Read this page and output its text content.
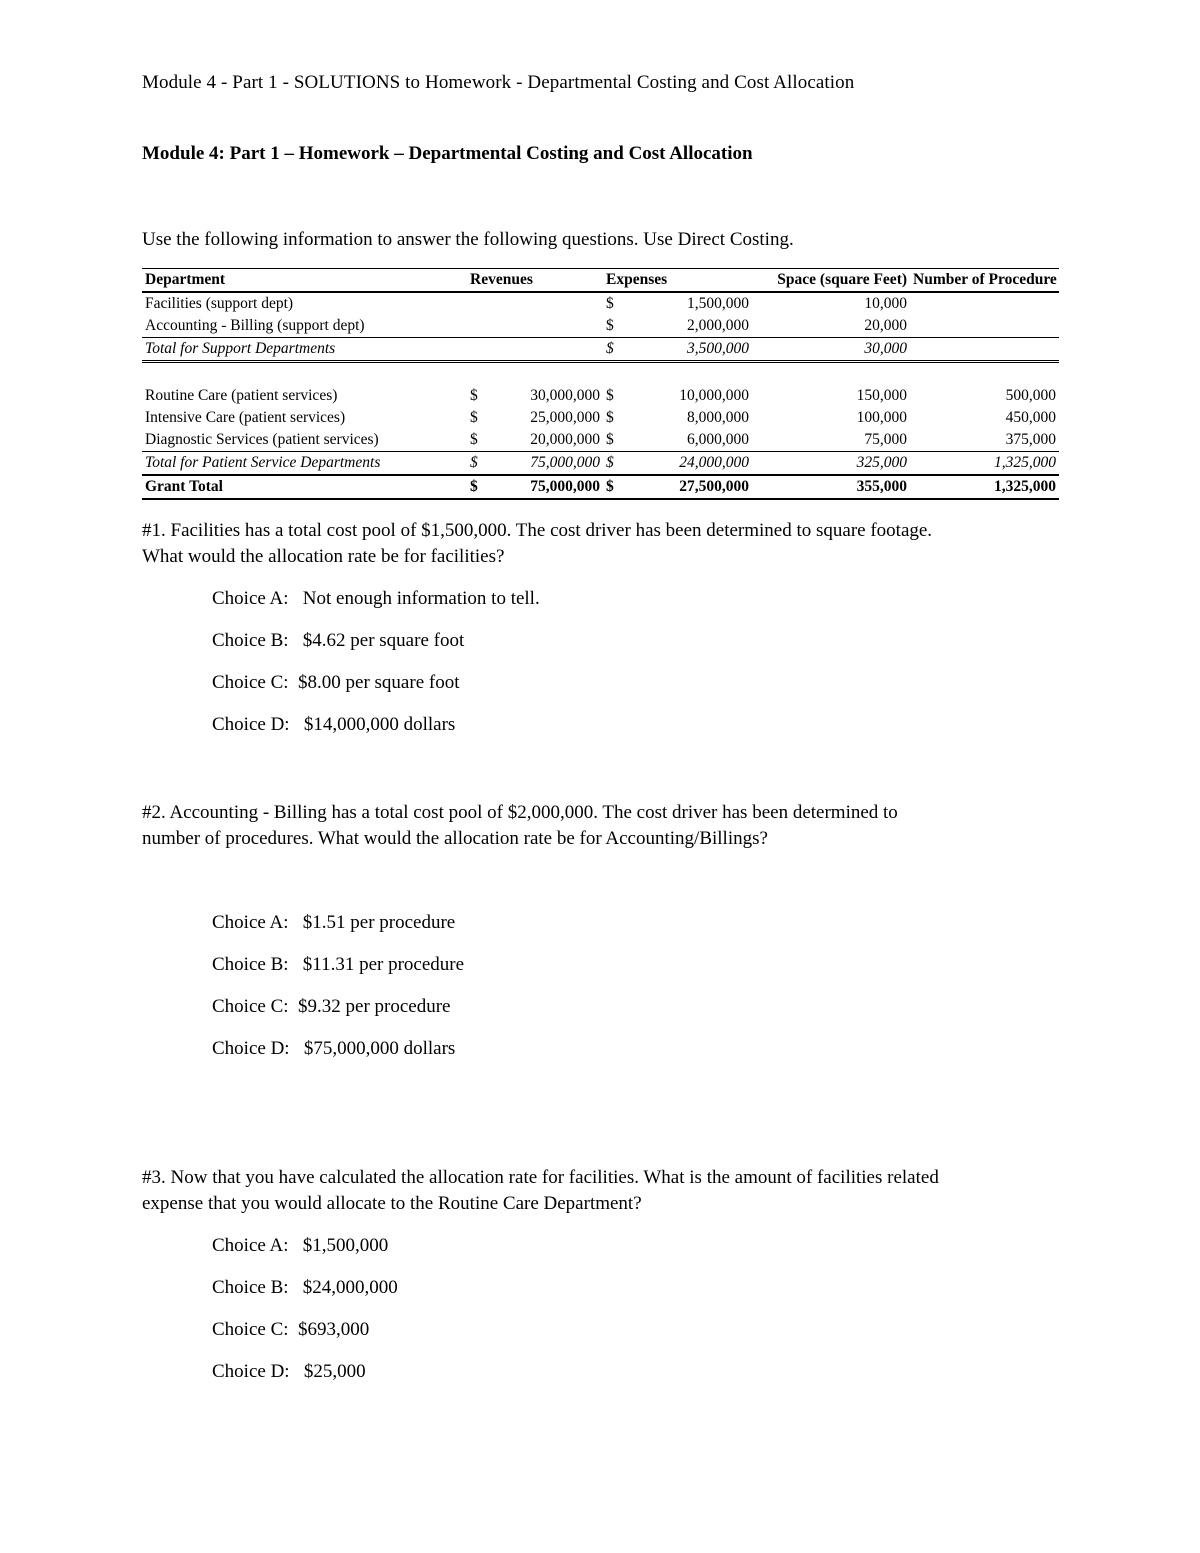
Module 4 - Part 1 - SOLUTIONS to Homework - Departmental Costing and Cost Allocation
Module 4: Part 1 – Homework – Departmental Costing and Cost Allocation
Use the following information to answer the following questions. Use Direct Costing.
Department	Revenues		Expenses		Space (square Feet)	Number of Procedure
Facilities (support dept)			$	1,500,000	10,000	
Accounting - Billing (support dept)			$	2,000,000	20,000	
Total for Support Departments			$	3,500,000	30,000	

Routine Care (patient services)	$	30,000,000	$	10,000,000	150,000	500,000
Intensive Care (patient services)	$	25,000,000	$	8,000,000	100,000	450,000
Diagnostic Services (patient services)	$	20,000,000	$	6,000,000	75,000	375,000
Total for Patient Service Departments	$	75,000,000	$	24,000,000	325,000	1,325,000
Grant Total	$	75,000,000	$	27,500,000	355,000	1,325,000
#1. Facilities has a total cost pool of $1,500,000. The cost driver has been determined to square footage.
What would the allocation rate be for facilities?
Choice A: Not enough information to tell.
Choice B: $4.62 per square foot
Choice C: $8.00 per square foot
Choice D: $14,000,000 dollars
#2. Accounting - Billing has a total cost pool of $2,000,000. The cost driver has been determined to
number of procedures. What would the allocation rate be for Accounting/Billings?
Choice A: $1.51 per procedure
Choice B: $11.31 per procedure
Choice C: $9.32 per procedure
Choice D: $75,000,000 dollars
#3. Now that you have calculated the allocation rate for facilities. What is the amount of facilities related
expense that you would allocate to the Routine Care Department?
Choice A: $1,500,000
Choice B: $24,000,000
Choice C: $693,000
Choice D: $25,000
